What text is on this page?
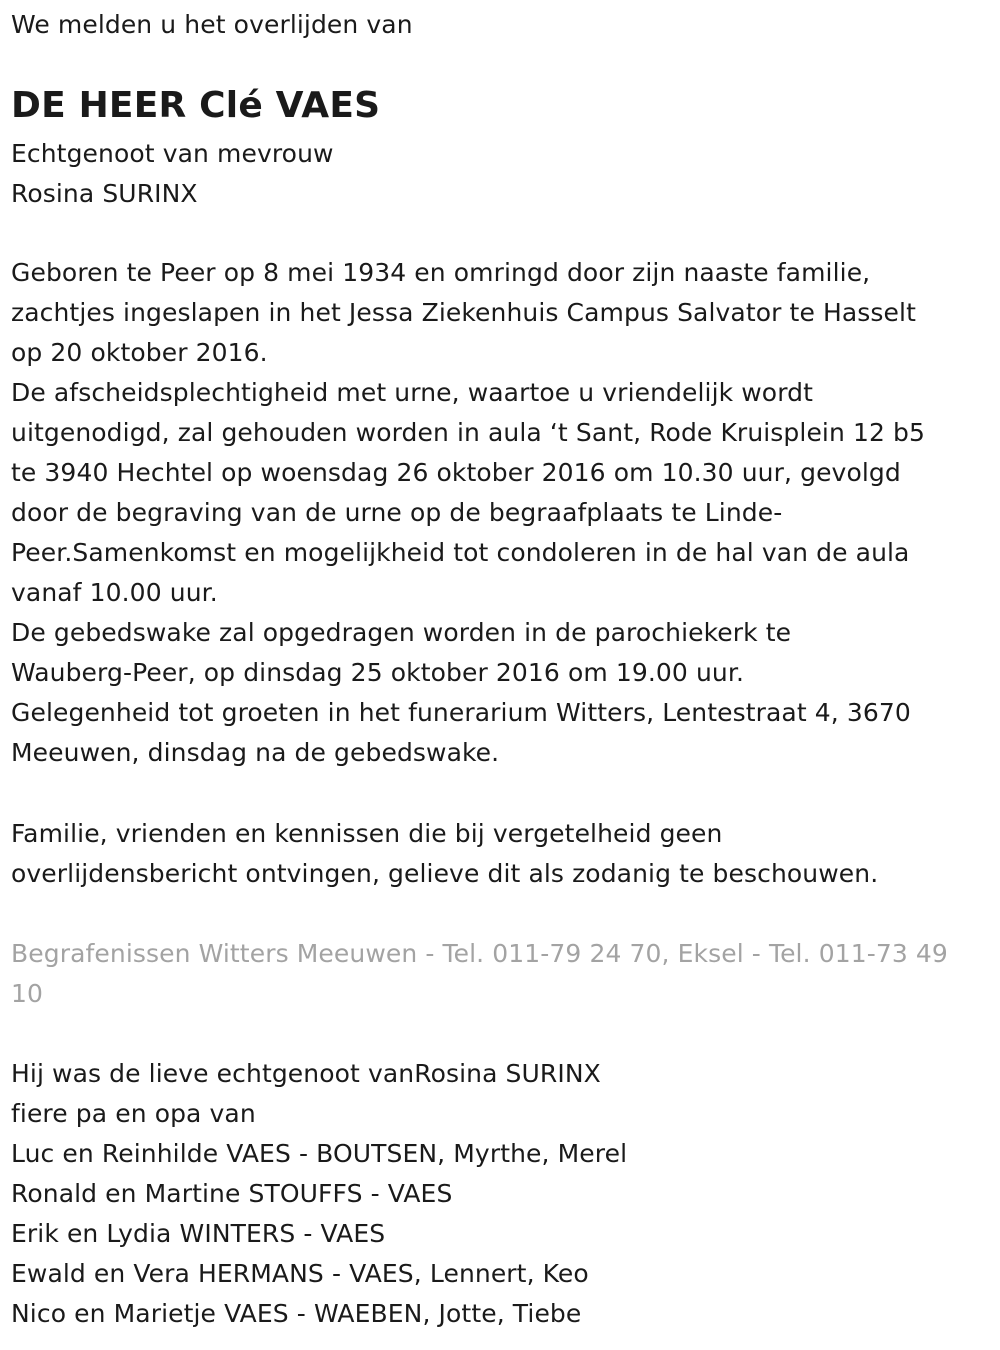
We melden u het overlijden van
DE HEER Clé VAES
Echtgenoot van mevrouw
Rosina SURINX
Geboren te Peer op 8 mei 1934 en omringd door zijn naaste familie,
zachtjes ingeslapen in het Jessa Ziekenhuis Campus Salvator te Hasselt
op 20 oktober 2016.
De afscheidsplechtigheid met urne, waartoe u vriendelijk wordt
uitgenodigd, zal gehouden worden in aula ‘t Sant, Rode Kruisplein 12 b5
te 3940 Hechtel op woensdag 26 oktober 2016 om 10.30 uur, gevolgd
door de begraving van de urne op de begraafplaats te Linde-
Peer.Samenkomst en mogelijkheid tot condoleren in de hal van de aula
vanaf 10.00 uur.
De gebedswake zal opgedragen worden in de parochiekerk te
Wauberg-Peer, op dinsdag 25 oktober 2016 om 19.00 uur.
Gelegenheid tot groeten in het funerarium Witters, Lentestraat 4, 3670
Meeuwen, dinsdag na de gebedswake.
Familie, vrienden en kennissen die bij vergetelheid geen
overlijdensbericht ontvingen, gelieve dit als zodanig te beschouwen.
Begrafenissen Witters Meeuwen - Tel. 011-79 24 70, Eksel - Tel. 011-73 49
10
Hij was de lieve echtgenoot vanRosina SURINX
fiere pa en opa van
Luc en Reinhilde VAES - BOUTSEN, Myrthe, Merel
Ronald en Martine STOUFFS - VAES
Erik en Lydia WINTERS - VAES
Ewald en Vera HERMANS - VAES, Lennert, Keo
Nico en Marietje VAES - WAEBEN, Jotte, Tiebe
